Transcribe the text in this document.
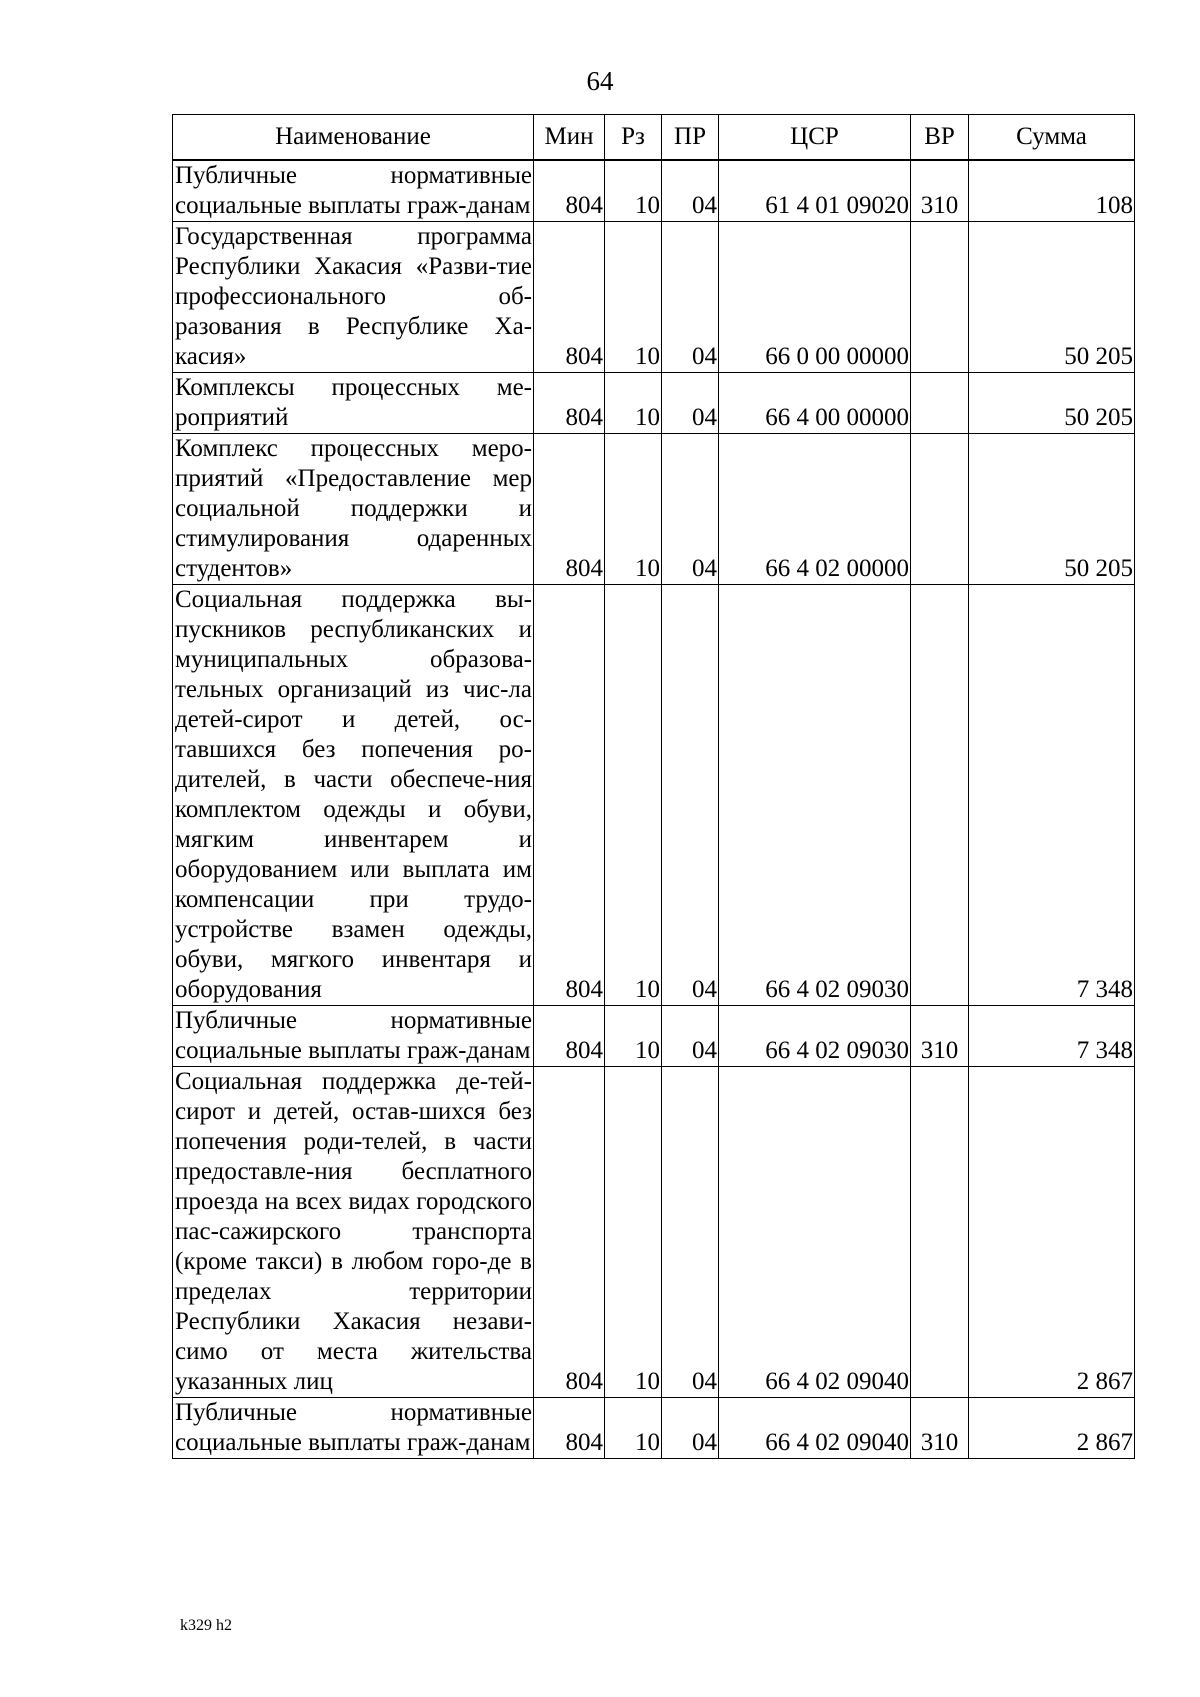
64
Наименование	Мин	Рз	ПР	ЦСР	ВР	Сумма
Публичные нормативные социальные выплаты граж-данам	804	10	04	61 4 01 09020	310	108
Государственная программа Республики Хакасия «Разви-тие профессионального об-разования в Республике Ха-касия»	804	10	04	66 0 00 00000		50 205
Комплексы процессных ме-роприятий	804	10	04	66 4 00 00000		50 205
Комплекс процессных меро-приятий «Предоставление мер социальной поддержки и стимулирования одаренных студентов»	804	10	04	66 4 02 00000		50 205
Социальная поддержка вы-пускников республиканских и муниципальных образова-тельных организаций из чис-ла детей-сирот и детей, ос-тавшихся без попечения ро-дителей, в части обеспече-ния комплектом одежды и обуви, мягким инвентарем и оборудованием или выплата им компенсации при трудо-устройстве взамен одежды, обуви, мягкого инвентаря и оборудования	804	10	04	66 4 02 09030		7 348
Публичные нормативные социальные выплаты граж-данам	804	10	04	66 4 02 09030	310	7 348
Социальная поддержка де-тей-сирот и детей, остав-шихся без попечения роди-телей, в части предоставле-ния бесплатного проезда на всех видах городского пас-сажирского транспорта (кроме такси) в любом горо-де в пределах территории Республики Хакасия незави-симо от места жительства указанных лиц	804	10	04	66 4 02 09040		2 867
Публичные нормативные социальные выплаты граж-данам	804	10	04	66 4 02 09040	310	2 867
k329 h2
